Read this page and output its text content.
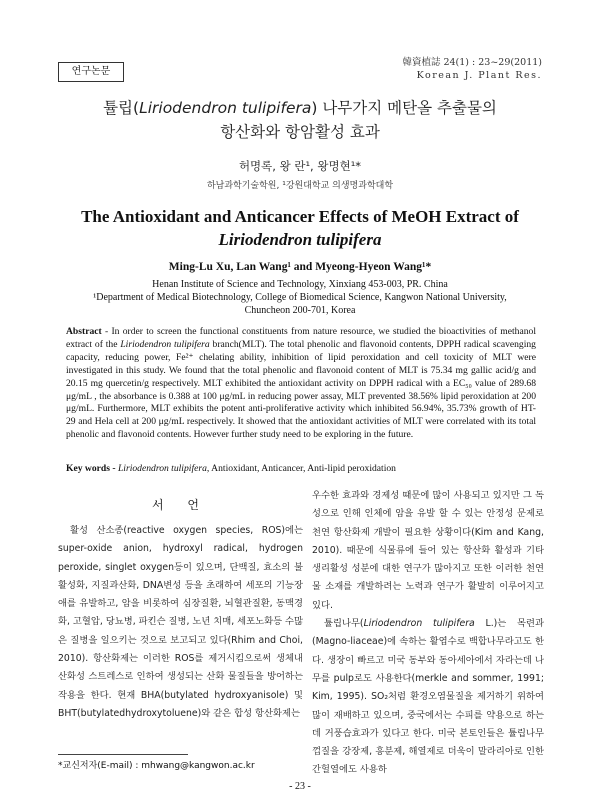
연구논문
韓資植誌 24(1) : 23~29(2011)
Korean J. Plant Res.
튤립(Liriodendron tulipifera) 나무가지 메탄올 추출물의
항산화와 항암활성 효과
허명록, 왕 란¹, 왕명현¹*
하남과학기술학원, ¹강원대학교 의생명과학대학
The Antioxidant and Anticancer Effects of MeOH Extract of
Liriodendron tulipifera
Ming-Lu Xu, Lan Wang¹ and Myeong-Hyeon Wang¹*
Henan Institute of Science and Technology, Xinxiang 453-003, PR. China
¹Department of Medical Biotechnology, College of Biomedical Science, Kangwon National University,
Chuncheon 200-701, Korea
Abstract - In order to screen the functional constituents from nature resource, we studied the bioactivities of methanol extract of the Liriodendron tulipifera branch(MLT). The total phenolic and flavonoid contents, DPPH radical scavenging capacity, reducing power, Fe²⁺ chelating ability, inhibition of lipid peroxidation and cell toxicity of MLT were investigated in this study. We found that the total phenolic and flavonoid content of MLT is 75.34 mg gallic acid/g and 20.15 mg quercetin/g respectively. MLT exhibited the antioxidant activity on DPPH radical with a EC₅₀ value of 289.68 μg/mL , the absorbance is 0.388 at 100 μg/mL in reducing power assay, MLT prevented 38.56% lipid peroxidation at 200 μg/mL. Furthermore, MLT exhibits the potent anti-proliferative activity which inhibited 56.94%, 35.73% growth of HT-29 and Hela cell at 200 μg/mL respectively. It showed that the antioxidant activities of MLT were correlated with its total phenolic and flavonoid contents. However further study need to be exploring in the future.
Key words - Liriodendron tulipifera, Antioxidant, Anticancer, Anti-lipid peroxidation
서 언

활성 산소종(reactive oxygen species, ROS)에는 super-oxide anion, hydroxyl radical, hydrogen peroxide, singlet oxygen등이 있으며, 단백질, 효소의 불활성화, 지질과산화, DNA변성 등을 초래하여 세포의 기능장애를 유발하고, 암을 비롯하여 심장질환, 뇌혈관질환, 동맥경화, 고혈압, 당뇨병, 파킨슨 질병, 노년 치매, 세포노화등 수많은 질병을 일으키는 것으로 보고되고 있다(Rhim and Choi, 2010). 항산화제는 이러한 ROS를 제거시킴으로써 생체내 산화성 스트레스로 인하여 생성되는 산화 물질들을 방어하는 작용을 한다. 현재 BHA(butylated hydroxyanisole) 및 BHT(butylatedhydroxytoluene)와 같은 합성 항산화제는

우수한 효과와 경제성 때문에 많이 사용되고 있지만 그 독성으로 인해 인체에 암을 유발 할 수 있는 안정성 문제로 천연 항산화제 개발이 필요한 상황이다(Kim and Kang, 2010). 때문에 식물류에 들어 있는 항산화 활성과 기타 생리활성 성분에 대한 연구가 많아지고 또한 이러한 천연물 소재를 개발하려는 노력과 연구가 활발히 이루어지고 있다.

튤립나무(Liriodendron tulipifera L.)는 목련과(Magno-liaceae)에 속하는 활엽수로 백합나무라고도 한다. 생장이 빠르고 미국 동부와 동아세아에서 자라는데 나무를 pulp로도 사용한다(merkle and sommer, 1991; Kim, 1995). SO₂처럼 환경오염물질을 제거하기 위하여 많이 재배하고 있으며, 중국에서는 수피를 약용으로 하는데 거풍습효과가 있다고 한다. 미국 본토인들은 튤립나무 껍질을 강장제, 흥분제, 해열제로 더욱이 말라리아로 인한 간헐열에도 사용하

*교신저자(E-mail) : mhwang@kangwon.ac.kr
- 23 -
